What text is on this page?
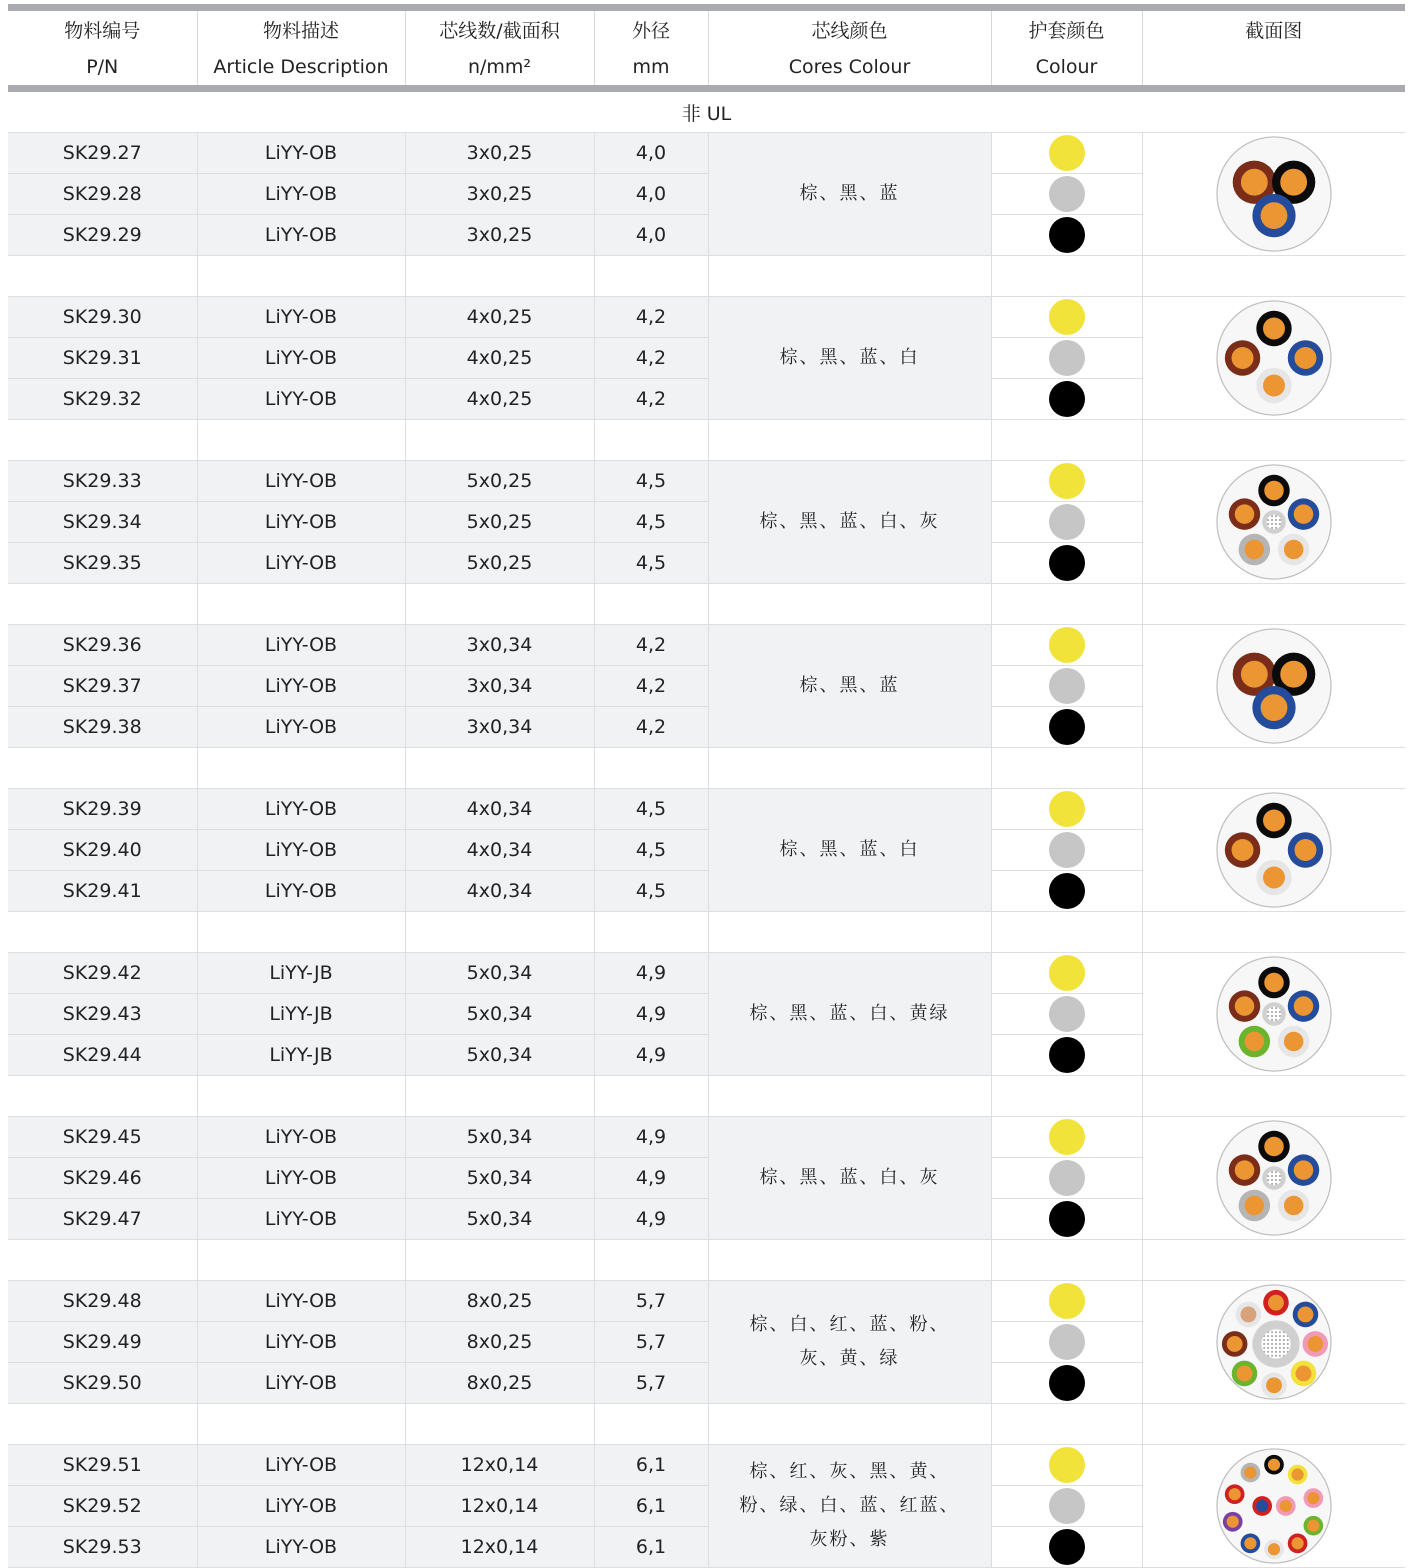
物料编号	物料描述	芯线数/截面积	外径	芯线颜色	护套颜色	截面图
P/N	Article Description	n/mm²	mm	Cores Colour	Colour	
非 UL						
SK29.27	LiYY-OB	3x0,25	4,0	棕、黑、蓝

SK29.28	LiYY-OB	3x0,25	4,0			
SK29.29	LiYY-OB	3x0,25	4,0			

SK29.30	LiYY-OB	4x0,25	4,2	棕、黑、蓝、白

SK29.31	LiYY-OB	4x0,25	4,2			
SK29.32	LiYY-OB	4x0,25	4,2			

SK29.33	LiYY-OB	5x0,25	4,5	棕、黑、蓝、白、灰

SK29.34	LiYY-OB	5x0,25	4,5			
SK29.35	LiYY-OB	5x0,25	4,5			

SK29.36	LiYY-OB	3x0,34	4,2	棕、黑、蓝

SK29.37	LiYY-OB	3x0,34	4,2			
SK29.38	LiYY-OB	3x0,34	4,2			

SK29.39	LiYY-OB	4x0,34	4,5	棕、黑、蓝、白

SK29.40	LiYY-OB	4x0,34	4,5			
SK29.41	LiYY-OB	4x0,34	4,5			

SK29.42	LiYY-JB	5x0,34	4,9	棕、黑、蓝、白、黄绿

SK29.43	LiYY-JB	5x0,34	4,9			
SK29.44	LiYY-JB	5x0,34	4,9			

SK29.45	LiYY-OB	5x0,34	4,9	棕、黑、蓝、白、灰

SK29.46	LiYY-OB	5x0,34	4,9			
SK29.47	LiYY-OB	5x0,34	4,9			

SK29.48	LiYY-OB	8x0,25	5,7	棕、白、红、蓝、粉、
灰、黄、绿

SK29.49	LiYY-OB	8x0,25	5,7			
SK29.50	LiYY-OB	8x0,25	5,7			

SK29.51	LiYY-OB	12x0,14	6,1	棕、红、灰、黑、黄、
粉、绿、白、蓝、红蓝、
灰粉、紫

SK29.52	LiYY-OB	12x0,14	6,1			
SK29.53	LiYY-OB	12x0,14	6,1			
